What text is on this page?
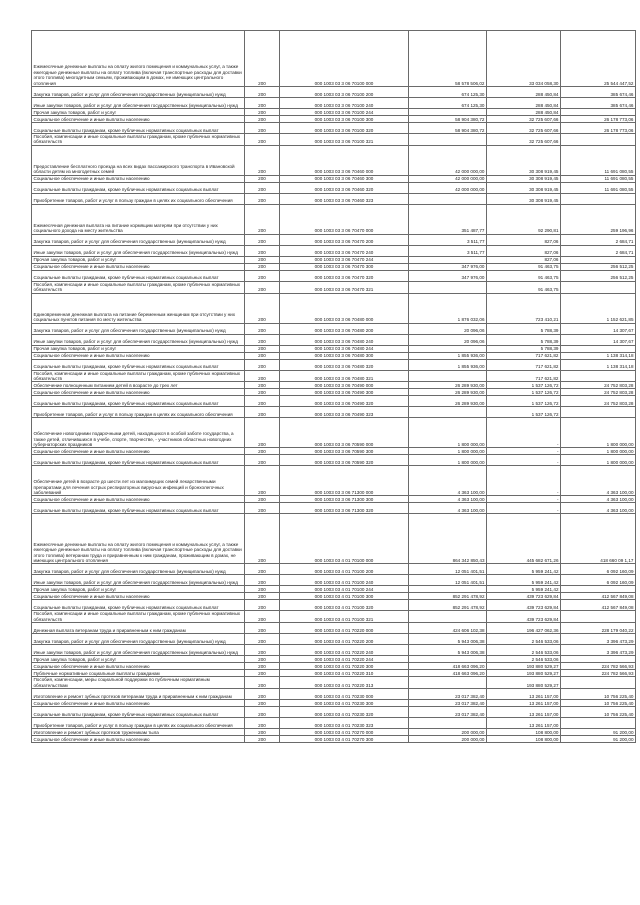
Ежемесячные денежные выплаты на оплату жилого помещения и коммунальных услуг, а также ежегодные денежные выплаты на оплату топлива (включая транспортные расходы для доставки этого топлива) многодетным семьям, проживающим в домах, не имеющих центрального отопления	200	000 1003 03 3 06 70100 000	58 578 506,02	33 034 058,30	25 544 447,52
Закупка товаров, работ и услуг для обеспечения государственных (муниципальных) нужд	200	000 1003 03 3 06 70100 200	674 125,30	288 450,84	385 674,46
Иные закупки товаров, работ и услуг для обеспечения государственных (муниципальных) нужд	200	000 1003 03 3 06 70100 240	674 125,30	288 450,84	385 674,46
Прочая закупка товаров, работ и услуг	200	000 1003 03 3 06 70100 244		288 450,84	
Социальное обеспечение и иные выплаты населению	200	000 1003 03 3 06 70100 300	58 904 380,72	32 725 607,66	26 178 773,06
Социальные выплаты гражданам, кроме публичных нормативных социальных выплат	200	000 1003 03 3 06 70100 320	58 904 380,72	32 725 607,66	26 178 773,06
Пособия, компенсации и иные социальные выплаты гражданам, кроме публичных нормативных обязательств	200	000 1003 03 3 06 70100 321		32 725 607,66	
Предоставление бесплатного проезда на всех видах пассажирского транспорта в Ивановской области детям из многодетных семей	200	000 1003 03 3 06 70460 000	42 000 000,00	30 308 919,45	11 691 080,55
Социальное обеспечение и иные выплаты населению	200	000 1003 03 3 06 70460 300	42 000 000,00	30 308 919,45	11 691 080,55
Социальные выплаты гражданам, кроме публичных нормативных социальных выплат	200	000 1003 03 3 06 70460 320	42 000 000,00	30 308 919,45	11 691 080,55
Приобретение товаров, работ и услуг в пользу граждан в целях их социального обеспечения	200	000 1003 03 3 06 70460 323		30 308 919,45	
Ежемесячная денежная выплата на питание кормящим матерям при отсутствии у них социального дохода на месту жительства	200	000 1003 03 3 06 70470 000	351 487,77	92 290,81	259 196,96
Закупка товаров, работ и услуг для обеспечения государственных (муниципальных) нужд	200	000 1003 03 3 06 70470 200	3 511,77	827,06	2 684,71
Иные закупки товаров, работ и услуг для обеспечения государственных (муниципальных) нужд	200	000 1003 03 3 06 70470 240	3 511,77	827,06	2 684,71
Прочая закупка товаров, работ и услуг	200	000 1003 03 3 06 70470 244		827,06	
Социальное обеспечение и иные выплаты населению	200	000 1003 03 3 06 70470 300	347 976,00	91 463,75	256 512,25
Социальные выплаты гражданам, кроме публичных нормативных социальных выплат	200	000 1003 03 3 06 70470 320	347 976,00	91 463,75	256 512,25
Пособия, компенсации и иные социальные выплаты гражданам, кроме публичных нормативных обязательств	200	000 1003 03 3 06 70470 321		91 463,75	
Единовременная денежная выплата на питание беременным женщинам при отсутствии у них социальных пунктов питания по месту жительства	200	000 1003 03 3 06 70480 000	1 876 032,06	723 410,21	1 152 621,85
Закупка товаров, работ и услуг для обеспечения государственных (муниципальных) нужд	200	000 1003 03 3 06 70480 200	20 096,06	5 788,39	14 307,67
Иные закупки товаров, работ и услуг для обеспечения государственных (муниципальных) нужд	200	000 1003 03 3 06 70480 240	20 096,06	5 788,39	14 307,67
Прочая закупка товаров, работ и услуг	200	000 1003 03 3 06 70480 244		5 788,39	
Социальное обеспечение и иные выплаты населению	200	000 1003 03 3 06 70480 300	1 855 936,00	717 621,82	1 138 314,18
Социальные выплаты гражданам, кроме публичных нормативных социальных выплат	200	000 1003 03 3 06 70480 320	1 855 936,00	717 621,82	1 138 314,18
Пособия, компенсации и иные социальные выплаты гражданам, кроме публичных нормативных обязательств	200	000 1003 03 3 06 70480 321		717 621,82	
Обеспечение полноценным питанием детей в возрасте до трех лет	200	000 1003 03 3 06 70490 000	26 289 930,00	1 537 126,72	24 752 803,28
Социальное обеспечение и иные выплаты населению	200	000 1003 03 3 06 70490 300	26 289 930,00	1 537 126,72	24 752 803,28
Социальные выплаты гражданам, кроме публичных нормативных социальных выплат	200	000 1003 03 3 06 70490 320	26 289 930,00	1 537 126,72	24 752 803,28
Приобретение товаров, работ и услуг в пользу граждан в целях их социального обеспечения	200	000 1003 03 3 06 70490 323		1 537 126,72	
Обеспечение новогодними подарочными детей, находящихся в особой заботе государства, а также детей, отличившихся в учебе, спорте, творчестве, - участников областных новогодних губернаторских праздников	200	000 1003 03 3 06 70590 000	1 800 000,00	-	1 800 000,00
Социальное обеспечение и иные выплаты населению	200	000 1003 03 3 06 70590 300	1 800 000,00	-	1 800 000,00
Социальные выплаты гражданам, кроме публичных нормативных социальных выплат	200	000 1003 03 3 06 70590 320	1 800 000,00	-	1 800 000,00
Обеспечение детей в возрасте до шести лет из малоимущих семей лекарственными препаратами для лечения острых респираторных вирусных инфекций и бронхолегочных заболеваний	200	000 1003 03 3 06 71300 000	4 363 100,00	-	4 363 100,00
Социальное обеспечение и иные выплаты населению	200	000 1003 03 3 06 71300 300	4 363 100,00	-	4 363 100,00
Социальные выплаты гражданам, кроме публичных нормативных социальных выплат	200	000 1003 03 3 06 71300 320	4 363 100,00	-	4 363 100,00
Ежемесячные денежные выплаты на оплату жилого помещения и коммунальных услуг, а также ежегодные денежные выплаты на оплату топлива (включая транспортные расходы для доставки этого топлива) ветеранам труда и приравненным к ним гражданам, проживающим в домах, не имеющих центрального отопления	200	000 1003 03 4 01 70100 000	864 342 850,43	445 682 671,26	418 660 09 1,17
Закупка товаров, работ и услуг для обеспечения государственных (муниципальных) нужд	200	000 1003 03 4 01 70100 200	12 051 401,51	5 959 241,42	6 092 160,09
Иные закупки товаров, работ и услуг для обеспечения государственных (муниципальных) нужд	200	000 1003 03 4 01 70100 240	12 051 401,51	5 959 241,42	6 092 160,09
Прочая закупка товаров, работ и услуг	200	000 1003 03 4 01 70100 244		5 959 241,42	
Социальное обеспечение и иные выплаты населению	200	000 1003 03 4 01 70100 300	852 291 478,92	439 723 629,84	412 567 849,08
Социальные выплаты гражданам, кроме публичных нормативных социальных выплат	200	000 1003 03 4 01 70100 320	852 291 478,92	439 723 629,84	412 567 849,08
Пособия, компенсации и иные социальные выплаты гражданам, кроме публичных нормативных обязательств	200	000 1003 03 4 01 70100 321		439 723 629,84	
Денежная выплата ветеранам труда и приравненным к ним гражданам	200	000 1003 03 4 01 70220 000	424 606 102,38	196 427 062,36	228 179 040,22
Закупка товаров, работ и услуг для обеспечения государственных (муниципальных) нужд	200	000 1003 03 4 01 70220 200	5 943 006,38	2 546 533,06	3 396 473,29
Иные закупки товаров, работ и услуг для обеспечения государственных (муниципальных) нужд	200	000 1003 03 4 01 70220 240	5 943 006,38	2 546 533,06	3 396 473,29
Прочая закупка товаров, работ и услуг	200	000 1003 03 4 01 70220 244		2 546 533,06	
Социальное обеспечение и иные выплаты населению	200	000 1003 03 4 01 70220 300	418 663 096,20	193 880 529,27	224 782 566,93
Публичные нормативные социальные выплаты гражданам	200	000 1003 03 4 01 70220 310	418 663 096,20	193 880 529,27	224 782 566,93
Пособия, компенсации, меры социальной поддержки по публичным нормативным обязательствам	200	000 1003 03 4 01 70220 313		193 880 529,27	
Изготовление и ремонт зубных протезов ветеранам труда и приравненным к ним гражданам	200	000 1003 03 4 01 70230 000	23 017 382,40	13 261 157,00	10 756 225,40
Социальное обеспечение и иные выплаты населению	200	000 1003 03 4 01 70230 300	23 017 382,40	13 261 157,00	10 756 225,40
Социальные выплаты гражданам, кроме публичных нормативных социальных выплат	200	000 1003 03 4 01 70230 320	23 017 382,40	13 261 157,00	10 756 225,40
Приобретение товаров, работ и услуг в пользу граждан в целях их социального обеспечения	200	000 1003 03 4 01 70230 323		13 261 157,00	
Изготовление и ремонт зубных протезов труженикам тыла	200	000 1003 03 4 01 70270 000	200 000,00	108 800,00	91 200,00
Социальное обеспечение и иные выплаты населению	200	000 1003 03 4 01 70270 300	200 000,00	108 800,00	91 200,00
